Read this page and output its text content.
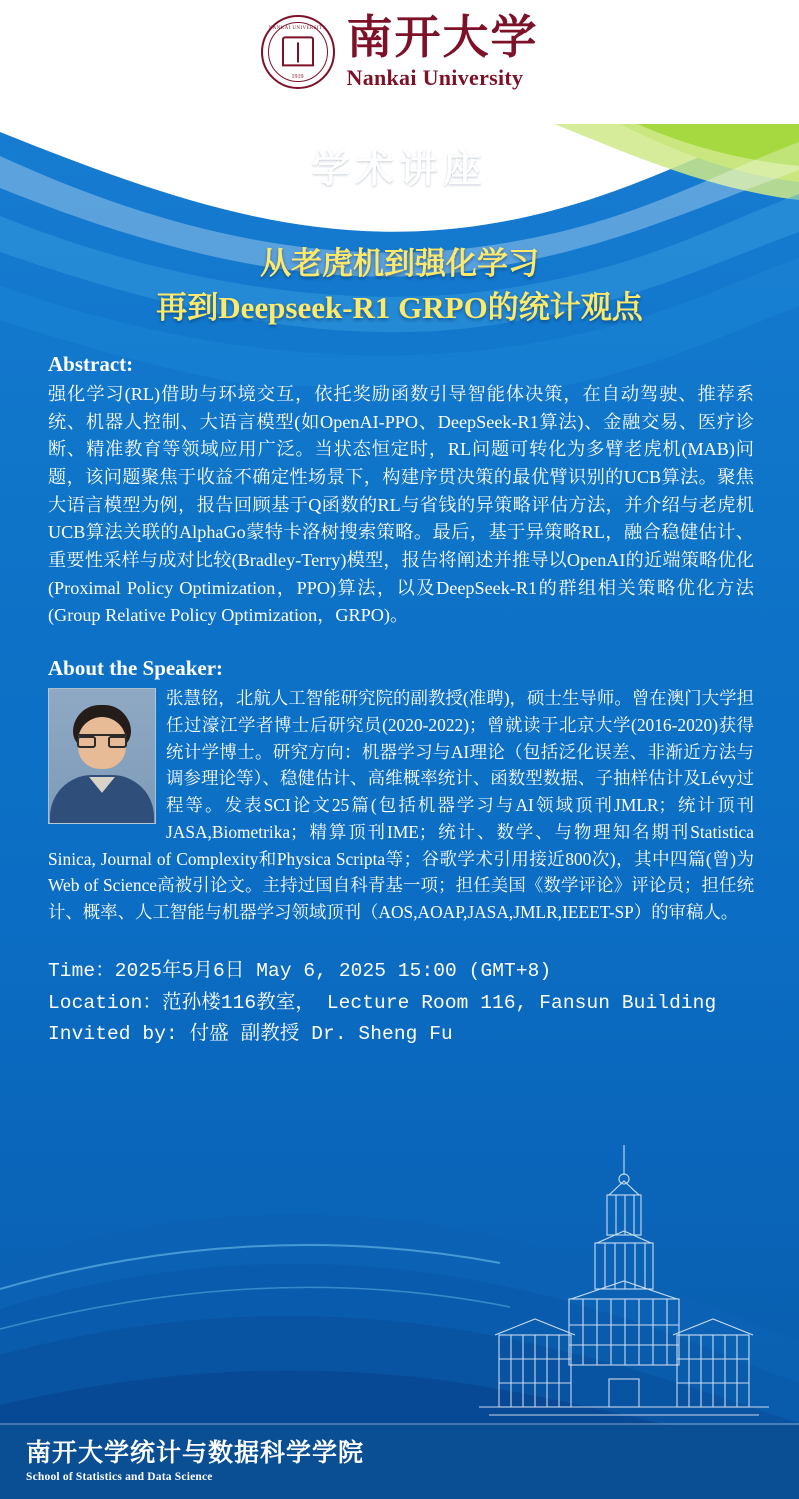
NANKAI UNIVERSITY
1919
南开大学
Nankai University
学术讲座
从老虎机到强化学习
再到Deepseek-R1 GRPO的统计观点
Abstract:

强化学习(RL)借助与环境交互，依托奖励函数引导智能体决策，在自动驾驶、推荐系统、机器人控制、大语言模型(如OpenAI-PPO、DeepSeek-R1算法)、金融交易、医疗诊断、精准教育等领域应用广泛。当状态恒定时，RL问题可转化为多臂老虎机(MAB)问题，该问题聚焦于收益不确定性场景下，构建序贯决策的最优臂识别的UCB算法。聚焦大语言模型为例，报告回顾基于Q函数的RL与省钱的异策略评估方法，并介绍与老虎机UCB算法关联的AlphaGo蒙特卡洛树搜索策略。最后，基于异策略RL，融合稳健估计、重要性采样与成对比较(Bradley-Terry)模型，报告将阐述并推导以OpenAI的近端策略优化(Proximal Policy Optimization，PPO)算法，以及DeepSeek-R1的群组相关策略优化方法(Group Relative Policy Optimization，GRPO)。

About the Speaker:

张慧铭，北航人工智能研究院的副教授(准聘)，硕士生导师。曾在澳门大学担任过濠江学者博士后研究员(2020-2022)；曾就读于北京大学(2016-2020)获得统计学博士。研究方向：机器学习与AI理论（包括泛化误差、非渐近方法与调参理论等）、稳健估计、高维概率统计、函数型数据、子抽样估计及Lévy过程等。发表SCI论文25篇(包括机器学习与AI领域顶刊JMLR；统计顶刊JASA,Biometrika；精算顶刊IME；统计、数学、与物理知名期刊Statistica Sinica, Journal of Complexity和Physica Scripta等；谷歌学术引用接近800次)，其中四篇(曾)为Web of Science高被引论文。主持过国自科青基一项；担任美国《数学评论》评论员；担任统计、概率、人工智能与机器学习领域顶刊（AOS,AOAP,JASA,JMLR,IEEET-SP）的审稿人。

Time：2025年5月6日 May 6, 2025 15:00 (GMT+8)
Location：范孙楼116教室， Lecture Room 116, Fansun Building
Invited by: 付盛 副教授 Dr. Sheng Fu
南开大学统计与数据科学学院
School of Statistics and Data Science
